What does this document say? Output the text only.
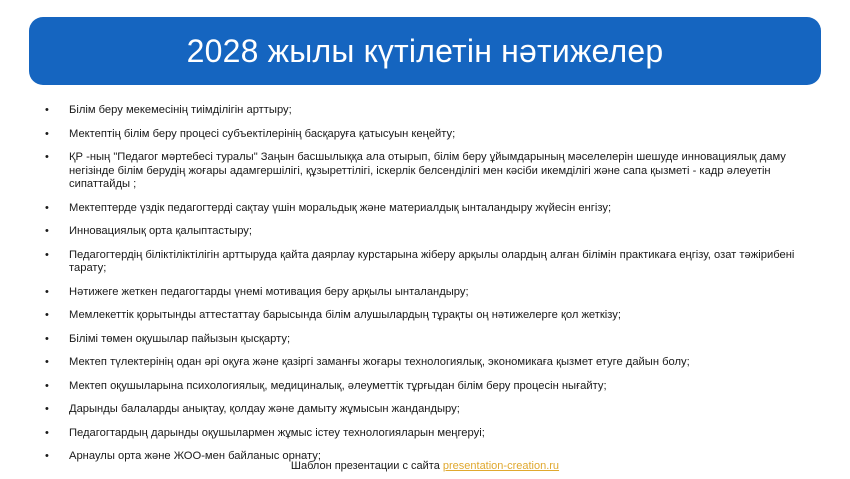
2028 жылы күтілетін нәтижелер
• Білім беру мекемесінің тиімділігін арттыру;
• Мектептің білім беру процесі субъектілерінің басқаруға қатысуын кеңейту;
• ҚР -ның "Педагог мәртебесі туралы" Заңын басшылыққа ала отырып, білім беру ұйымдарының мәселелерін шешуде инновациялық даму негізінде білім берудің жоғары адамгершілігі, құзыреттілігі, іскерлік белсенділігі мен кәсіби икемділігі және сапа қызметі - кадр әлеуетін сипаттайды ;
• Мектептерде үздік педагогтерді сақтау үшін моральдық және материалдық ынталандыру жүйесін енгізу;
• Инновациялық орта қалыптастыру;
• Педагогтердің біліктіліктілігін арттыруда қайта даярлау курстарына жіберу арқылы олардың алған білімін практикаға еңгізу, озат тәжірибені тарату;
• Нәтижеге жеткен педагогтарды үнемі мотивация беру арқылы ынталандыру;
• Мемлекеттік қорытынды аттестаттау барысында білім алушылардың тұрақты оң нәтижелерге қол жеткізу;
• Білімі төмен оқушылар пайызын қысқарту;
• Мектеп түлектерінің одан әрі оқуға және қазіргі заманғы жоғары технологиялық, экономикаға қызмет етуге дайын болу;
• Мектеп оқушыларына психологиялық, медициналық, әлеуметтік тұрғыдан білім беру процесін нығайту;
• Дарынды балаларды анықтау, қолдау және дамыту жұмысын жандандыру;
• Педагогтардың дарынды оқушылармен жұмыс істеу технологияларын меңгеруі;
• Арнаулы орта және ЖОО-мен байланыс орнату;
Шаблон презентации с сайта presentation-creation.ru
